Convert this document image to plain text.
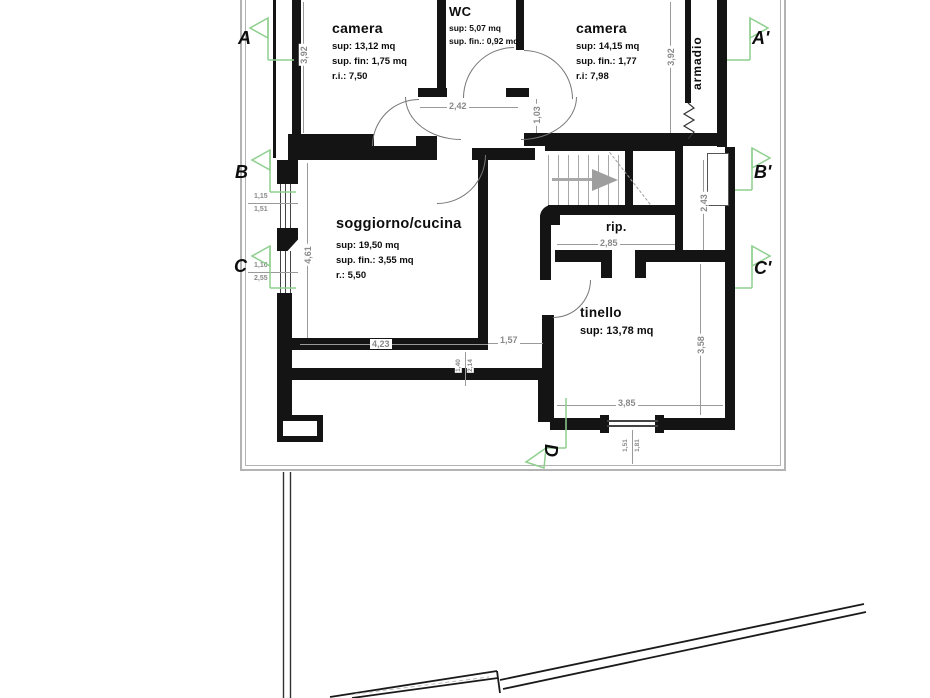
camera
sup: 13,12 mq
sup. fin: 1,75 mq
r.i.: 7,50
WC
sup: 5,07 mq
sup. fin.: 0,92 mq
camera
sup: 14,15 mq
sup. fin.: 1,77
r.i: 7,98	armadio
soggiorno/cucina
sup: 19,50 mq
sup. fin.: 3,55 mq
r.: 5,50
rip.
tinello
sup: 13,78 mq
3,92
2,42
1,03
3,92
4,61
4,23	1,57
2,85
2,43
3,58
3,85
1,15
1,51
1,10
2,55
1,40 2,14
1,51 1,81
A
B
C
A'
B'
C'
D
